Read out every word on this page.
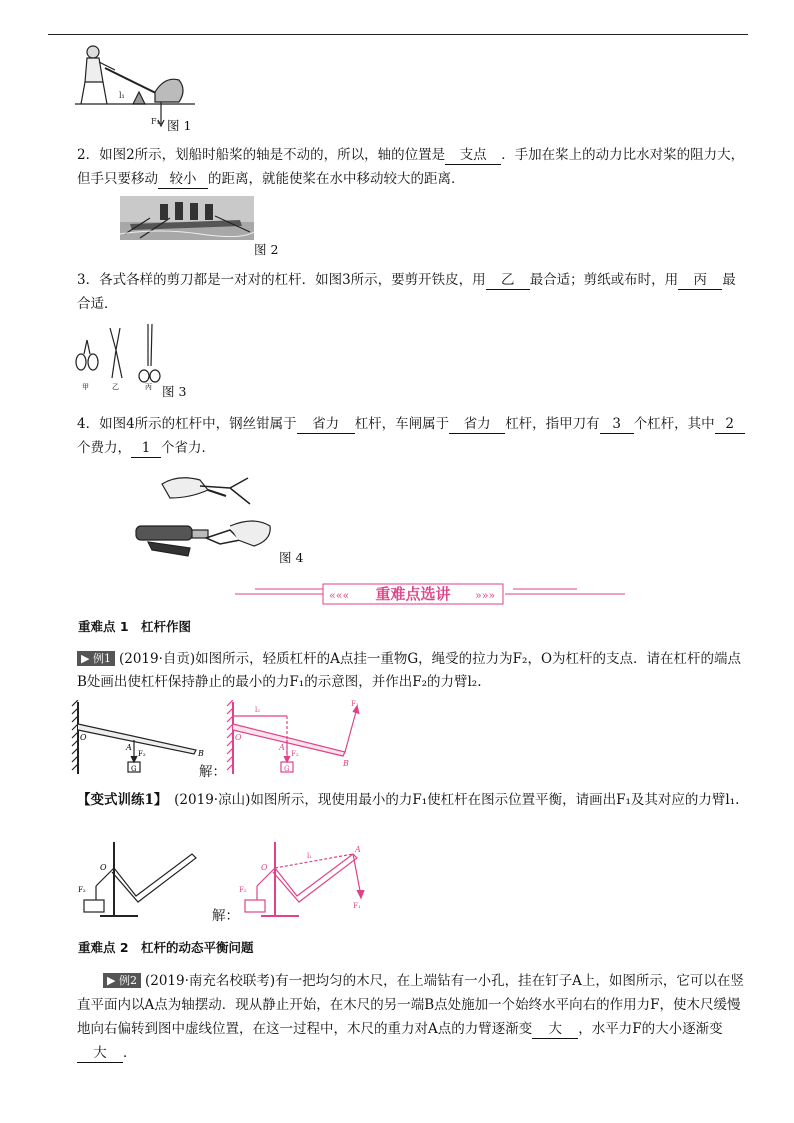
l₁
F₁ 图 1
2．如图2所示，划船时船桨的轴是不动的，所以，轴的位置是 支点 ．手加在桨上的动力比水对桨的阻力大，但手只要移动 较小 的距离，就能使桨在水中移动较大的距离．
图 2
3．各式各样的剪刀都是一对对的杠杆．如图3所示，要剪开铁皮，用 乙 最合适；剪纸或布时，用 丙 最合适．
甲	乙	丙 图 3
4．如图4所示的杠杆中，钢丝钳属于 省力 杠杆，车闸属于 省力 杠杆，指甲刀有 3 个杠杆，其中 2个费力， 1 个省力．
图 4
«««	»»»
重难点选讲
重难点 1　杠杆作图
▶ 例1 (2019·自贡)如图所示，轻质杠杆的A点挂一重物G，绳受的拉力为F₂，O为杠杆的支点．请在杠杆的端点B处画出使杠杆保持静止的最小的力F₁的示意图，并作出F₂的力臂l₂.
O
A
B
F₂
G	解：
O
A
B
F₂
G
F₁
l₂
【变式训练1】　 (2019·凉山)如图所示，现使用最小的力F₁使杠杆在图示位置平衡，请画出F₁及其对应的力臂l₁.
O
F₂
解：
O
A
F₂
F₁
l₁
重难点 2　杠杆的动态平衡问题
▶ 例2 (2019·南充名校联考)有一把均匀的木尺，在上端钻有一小孔，挂在钉子A上，如图所示，它可以在竖直平面内以A点为轴摆动．现从静止开始，在木尺的另一端B点处施加一个始终水平向右的作用力F，使木尺缓慢地向右偏转到图中虚线位置，在这一过程中，木尺的重力对A点的力臂逐渐变 大 ，水平力F的大小逐渐变大 ．
